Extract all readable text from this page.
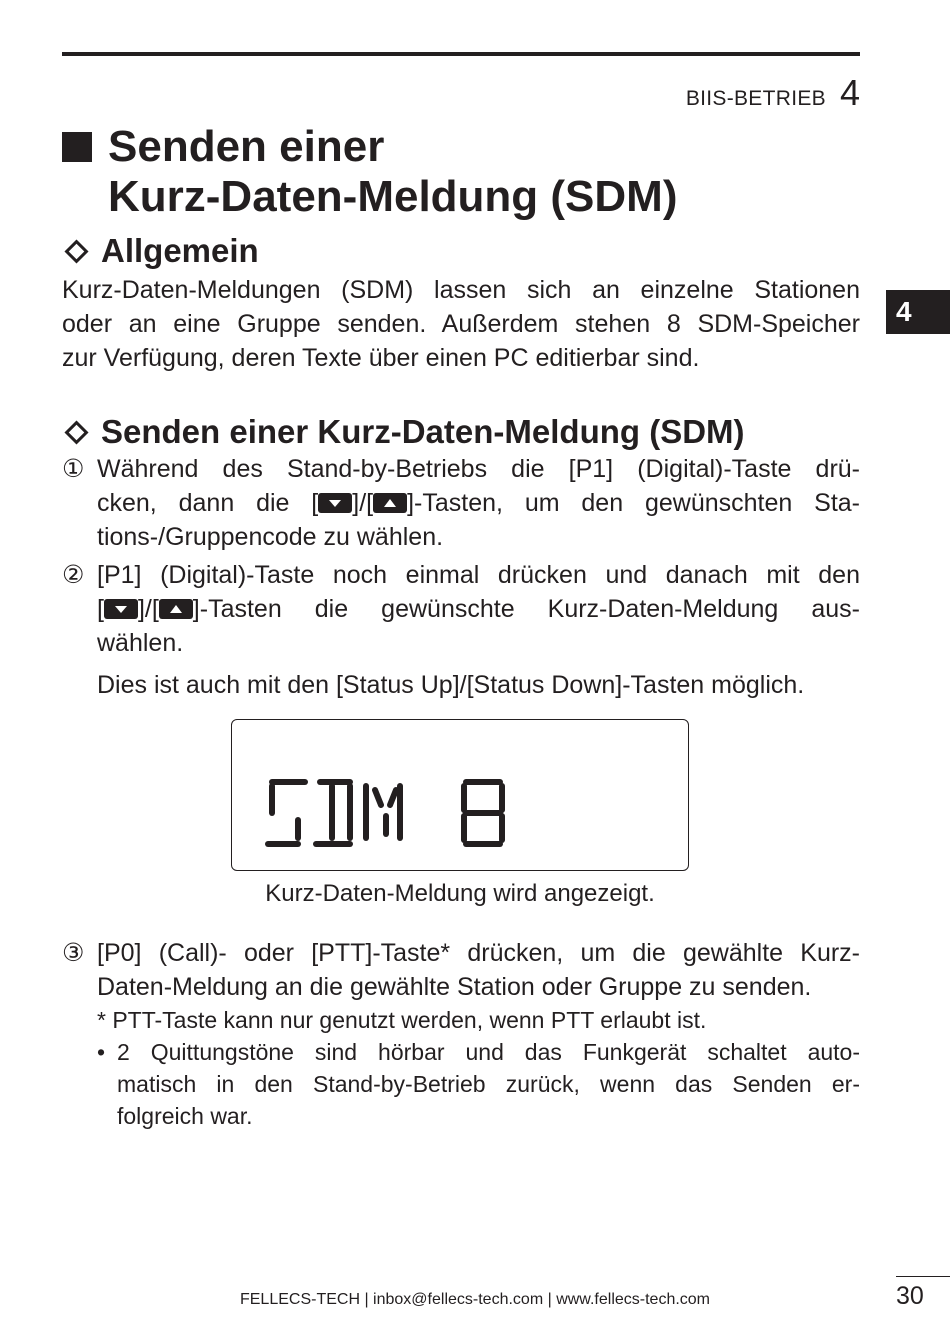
BIIS-BETRIEB 4
4
Senden einer
Kurz-Daten-Meldung (SDM)
Allgemein
Kurz-Daten-Meldungen (SDM) lassen sich an einzelne Stationen
oder an eine Gruppe senden. Außerdem stehen 8 SDM-Speicher
zur Verfügung, deren Texte über einen PC editierbar sind.
Senden einer Kurz-Daten-Meldung (SDM)
① Während des Stand-by-Betriebs die [P1] (Digital)-Taste drü-
cken, dann die [ ]/[ ]-Tasten, um den gewünschten Sta-
tions-/Gruppencode zu wählen.
② [P1] (Digital)-Taste noch einmal drücken und danach mit den
[ ]/[ ]-Tasten die gewünschte Kurz-Daten-Meldung aus-
wählen.
Dies ist auch mit den [Status Up]/[Status Down]-Tasten möglich.
Kurz-Daten-Meldung wird angezeigt.
③ [P0] (Call)- oder [PTT]-Taste* drücken, um die gewählte Kurz-
Daten-Meldung an die gewählte Station oder Gruppe zu senden.
* PTT-Taste kann nur genutzt werden, wenn PTT erlaubt ist.
• 2 Quittungstöne sind hörbar und das Funkgerät schaltet auto-
matisch in den Stand-by-Betrieb zurück, wenn das Senden er-
folgreich war.
FELLECS-TECH | inbox@fellecs-tech.com | www.fellecs-tech.com	30
